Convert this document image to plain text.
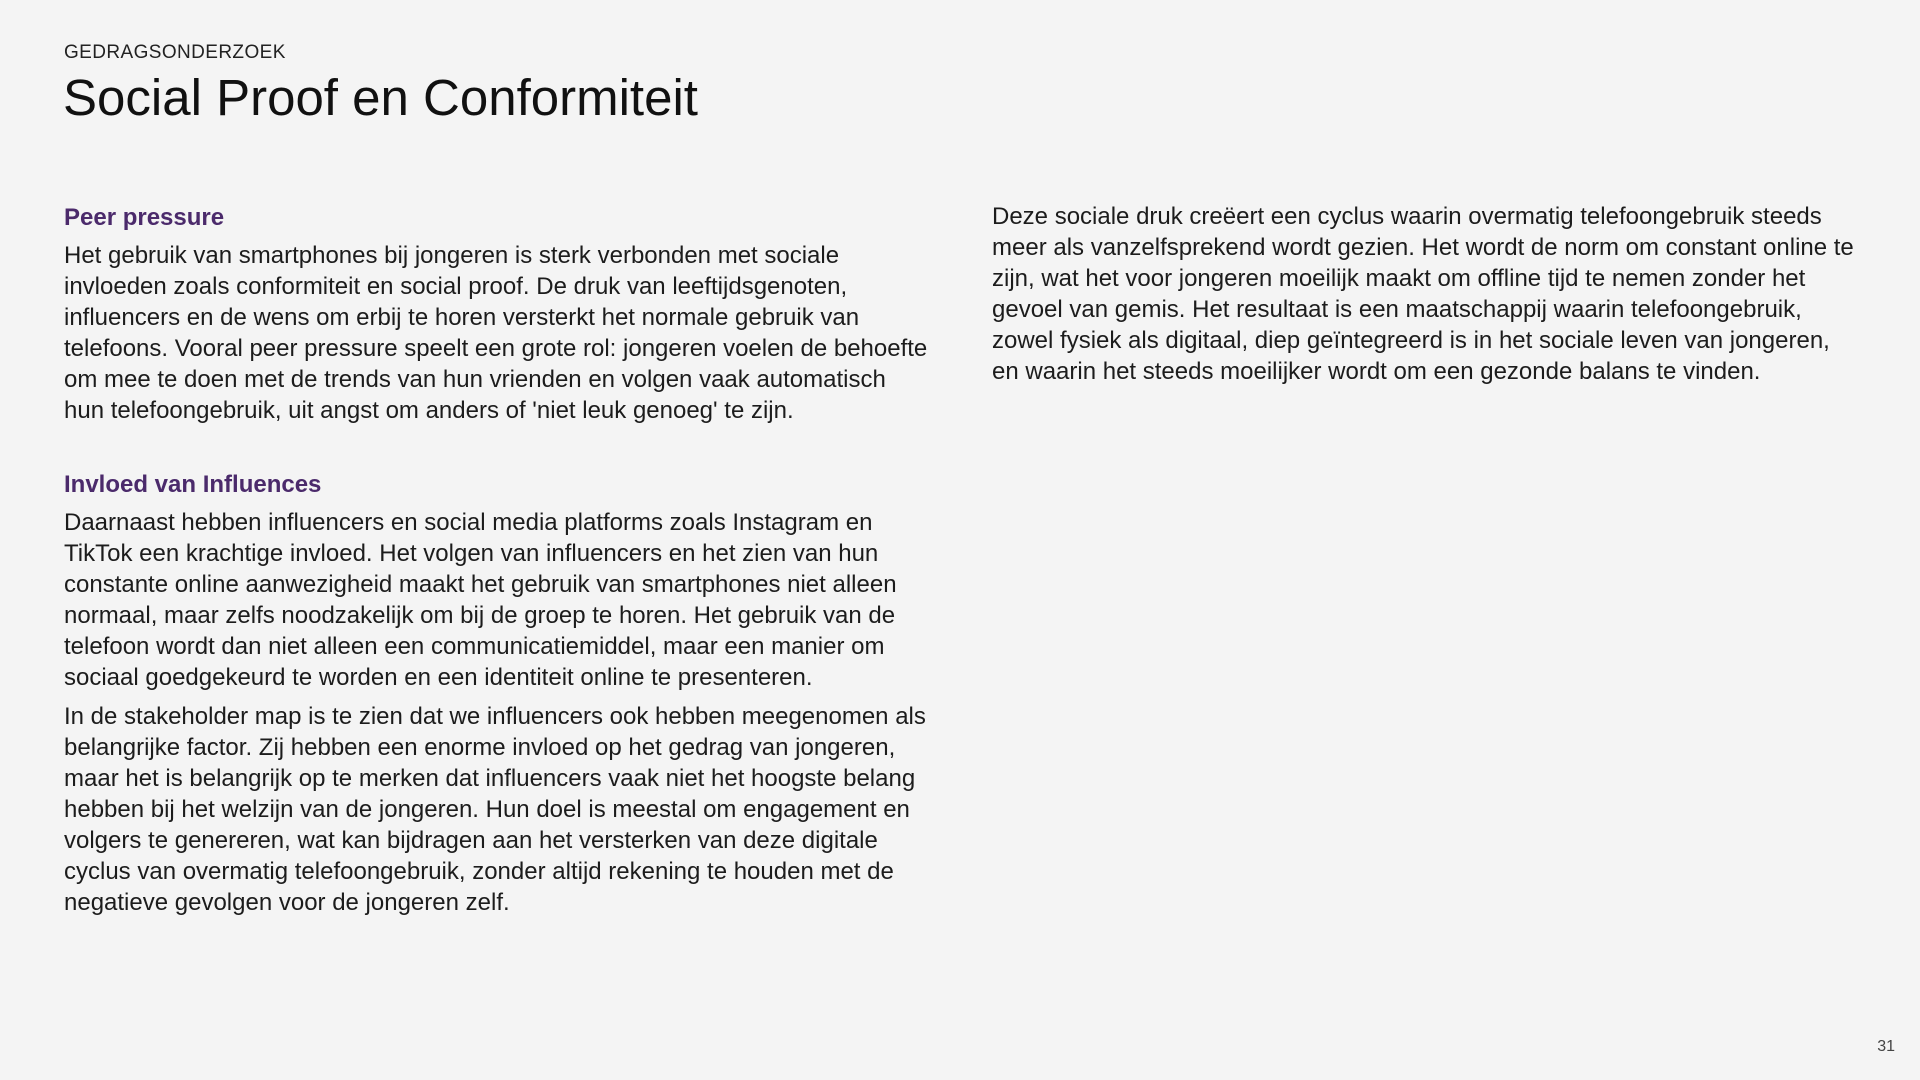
GEDRAGSONDERZOEK
Social Proof en Conformiteit
Peer pressure

Het gebruik van smartphones bij jongeren is sterk verbonden met sociale invloeden zoals conformiteit en social proof. De druk van leeftijdsgenoten, influencers en de wens om erbij te horen versterkt het normale gebruik van telefoons. Vooral peer pressure speelt een grote rol: jongeren voelen de behoefte om mee te doen met de trends van hun vrienden en volgen vaak automatisch hun telefoongebruik, uit angst om anders of 'niet leuk genoeg' te zijn.

Invloed van Influences

Daarnaast hebben influencers en social media platforms zoals Instagram en TikTok een krachtige invloed. Het volgen van influencers en het zien van hun constante online aanwezigheid maakt het gebruik van smartphones niet alleen normaal, maar zelfs noodzakelijk om bij de groep te horen. Het gebruik van de telefoon wordt dan niet alleen een communicatiemiddel, maar een manier om sociaal goedgekeurd te worden en een identiteit online te presenteren.

In de stakeholder map is te zien dat we influencers ook hebben meegenomen als belangrijke factor. Zij hebben een enorme invloed op het gedrag van jongeren, maar het is belangrijk op te merken dat influencers vaak niet het hoogste belang hebben bij het welzijn van de jongeren. Hun doel is meestal om engagement en volgers te genereren, wat kan bijdragen aan het versterken van deze digitale cyclus van overmatig telefoongebruik, zonder altijd rekening te houden met de negatieve gevolgen voor de jongeren zelf.

Deze sociale druk creëert een cyclus waarin overmatig telefoongebruik steeds meer als vanzelfsprekend wordt gezien. Het wordt de norm om constant online te zijn, wat het voor jongeren moeilijk maakt om offline tijd te nemen zonder het gevoel van gemis. Het resultaat is een maatschappij waarin telefoongebruik, zowel fysiek als digitaal, diep geïntegreerd is in het sociale leven van jongeren, en waarin het steeds moeilijker wordt om een gezonde balans te vinden.

31
